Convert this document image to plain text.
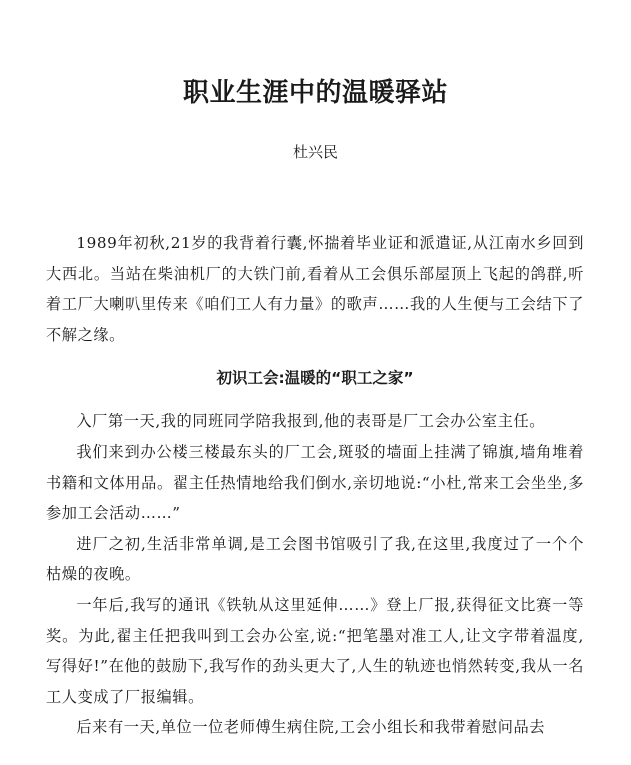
职业生涯中的温暖驿站
杜兴民

1989年初秋,21岁的我背着行囊,怀揣着毕业证和派遣证,从江南水乡回到大西北。当站在柴油机厂的大铁门前,看着从工会俱乐部屋顶上飞起的鸽群,听着工厂大喇叭里传来《咱们工人有力量》的歌声……我的人生便与工会结下了不解之缘。

初识工会:温暖的“职工之家”

入厂第一天,我的同班同学陪我报到,他的表哥是厂工会办公室主任。

我们来到办公楼三楼最东头的厂工会,斑驳的墙面上挂满了锦旗,墙角堆着书籍和文体用品。翟主任热情地给我们倒水,亲切地说:“小杜,常来工会坐坐,多参加工会活动……”

进厂之初,生活非常单调,是工会图书馆吸引了我,在这里,我度过了一个个枯燥的夜晚。

一年后,我写的通讯《铁轨从这里延伸……》登上厂报,获得征文比赛一等奖。为此,翟主任把我叫到工会办公室,说:“把笔墨对准工人,让文字带着温度,写得好!”在他的鼓励下,我写作的劲头更大了,人生的轨迹也悄然转变,我从一名工人变成了厂报编辑。

后来有一天,单位一位老师傅生病住院,工会小组长和我带着慰问品去
